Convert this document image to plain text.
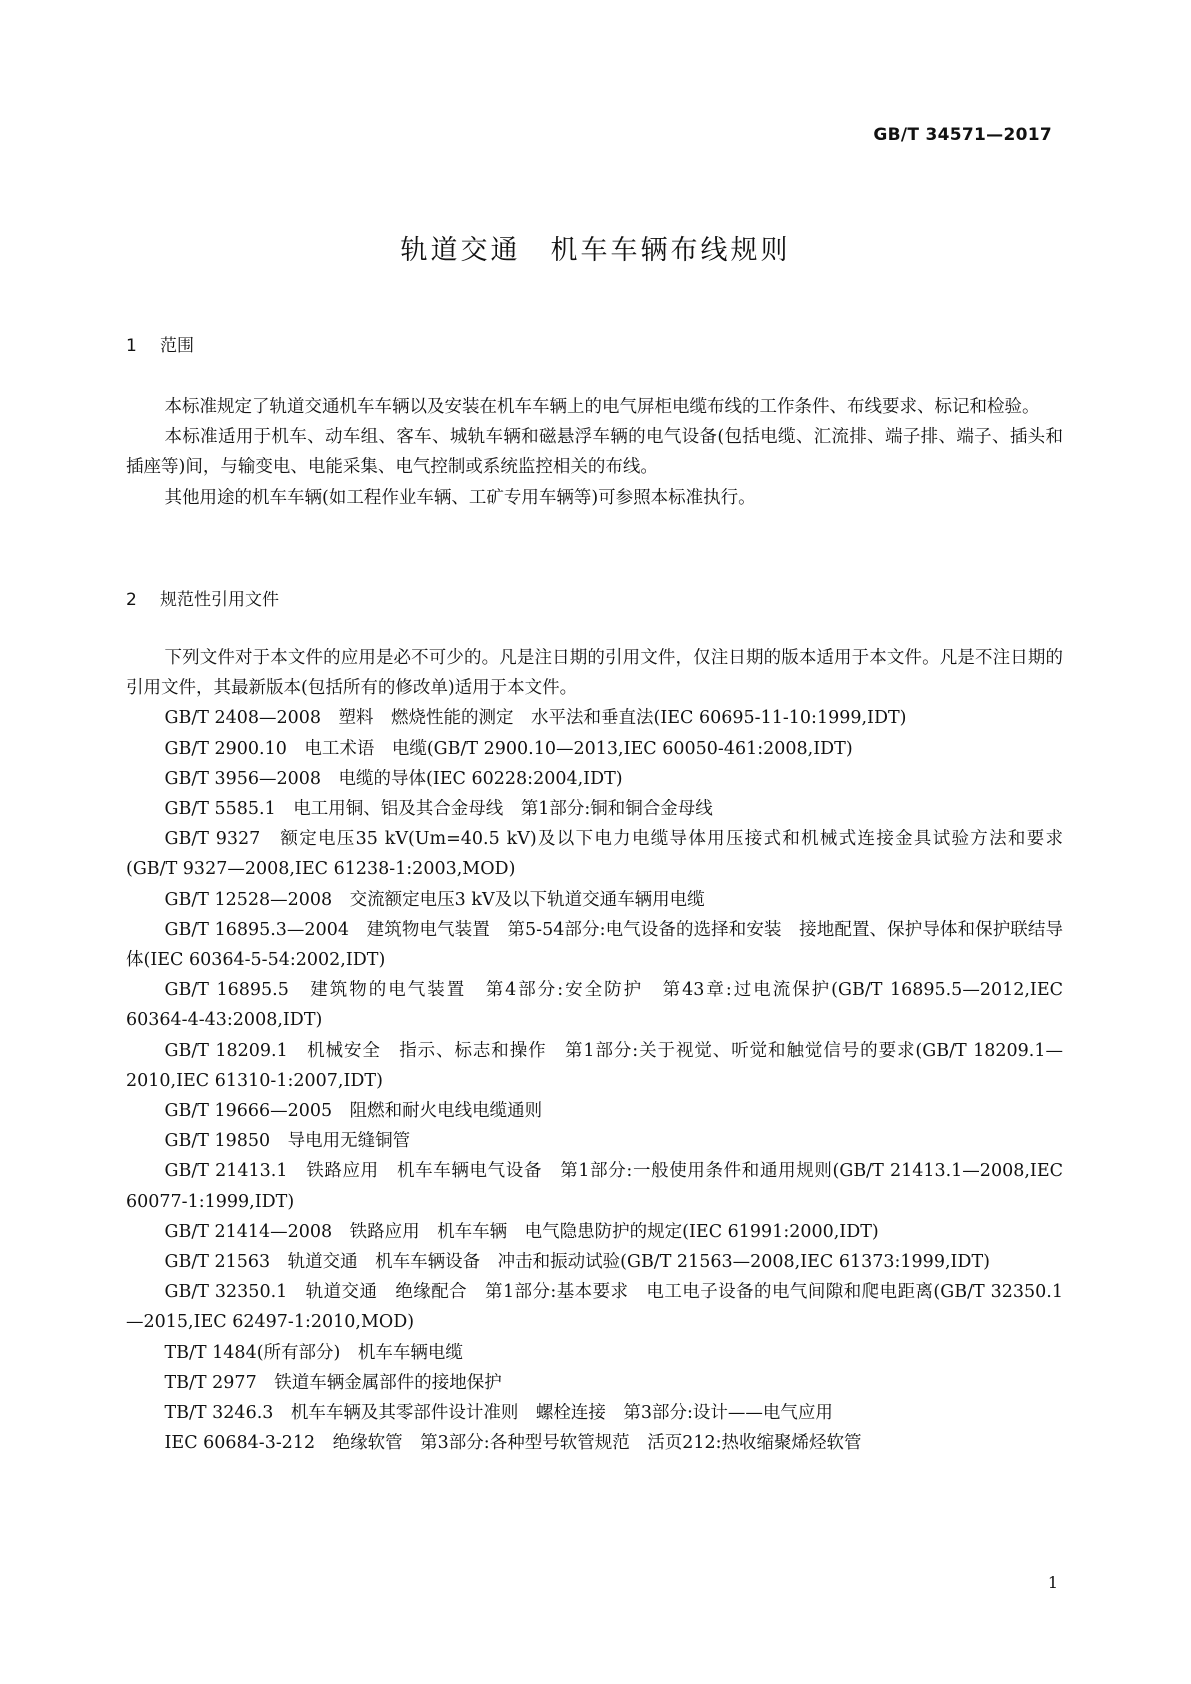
GB/T 34571—2017
轨道交通　机车车辆布线规则
1 范围

本标准规定了轨道交通机车车辆以及安装在机车车辆上的电气屏柜电缆布线的工作条件、布线要求、标记和检验。

本标准适用于机车、动车组、客车、城轨车辆和磁悬浮车辆的电气设备(包括电缆、汇流排、端子排、端子、插头和插座等)间，与输变电、电能采集、电气控制或系统监控相关的布线。

其他用途的机车车辆(如工程作业车辆、工矿专用车辆等)可参照本标准执行。

2 规范性引用文件

下列文件对于本文件的应用是必不可少的。凡是注日期的引用文件，仅注日期的版本适用于本文件。凡是不注日期的引用文件，其最新版本(包括所有的修改单)适用于本文件。

GB/T 2408—2008　塑料　燃烧性能的测定　水平法和垂直法(IEC 60695-11-10:1999,IDT)

GB/T 2900.10　电工术语　电缆(GB/T 2900.10—2013,IEC 60050-461:2008,IDT)

GB/T 3956—2008　电缆的导体(IEC 60228:2004,IDT)

GB/T 5585.1　电工用铜、铝及其合金母线　第1部分:铜和铜合金母线

GB/T 9327　额定电压35 kV(Um=40.5 kV)及以下电力电缆导体用压接式和机械式连接金具试验方法和要求(GB/T 9327—2008,IEC 61238-1:2003,MOD)

GB/T 12528—2008　交流额定电压3 kV及以下轨道交通车辆用电缆

GB/T 16895.3—2004　建筑物电气装置　第5-54部分:电气设备的选择和安装　接地配置、保护导体和保护联结导体(IEC 60364-5-54:2002,IDT)

GB/T 16895.5　建筑物的电气装置　第4部分:安全防护　第43章:过电流保护(GB/T 16895.5—2012,IEC 60364-4-43:2008,IDT)

GB/T 18209.1　机械安全　指示、标志和操作　第1部分:关于视觉、听觉和触觉信号的要求(GB/T 18209.1—2010,IEC 61310-1:2007,IDT)

GB/T 19666—2005　阻燃和耐火电线电缆通则

GB/T 19850　导电用无缝铜管

GB/T 21413.1　铁路应用　机车车辆电气设备　第1部分:一般使用条件和通用规则(GB/T 21413.1—2008,IEC 60077-1:1999,IDT)

GB/T 21414—2008　铁路应用　机车车辆　电气隐患防护的规定(IEC 61991:2000,IDT)

GB/T 21563　轨道交通　机车车辆设备　冲击和振动试验(GB/T 21563—2008,IEC 61373:1999,IDT)

GB/T 32350.1　轨道交通　绝缘配合　第1部分:基本要求　电工电子设备的电气间隙和爬电距离(GB/T 32350.1—2015,IEC 62497-1:2010,MOD)

TB/T 1484(所有部分)　机车车辆电缆

TB/T 2977　铁道车辆金属部件的接地保护

TB/T 3246.3　机车车辆及其零部件设计准则　螺栓连接　第3部分:设计——电气应用

IEC 60684-3-212　绝缘软管　第3部分:各种型号软管规范　活页212:热收缩聚烯烃软管

1
